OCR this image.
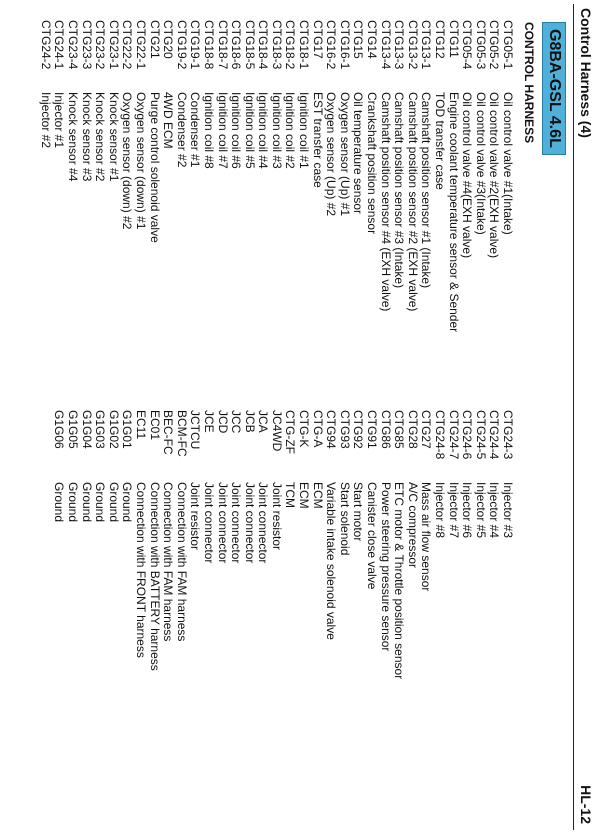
Control Harness (4)
HL-12
G8BA-GSL 4.6L
CONTROL HARNESS
CTG05-1
Oil control valve #1(Intake)
CTG05-2
Oil control valve #2(EXH valve)
CTG05-3
Oil control valve #3(Intake)
CTG05-4
Oil control valve #4(EXH valve)
CTG11
Engine coolant temperature sensor & Sender
CTG12
TOD transfer case
CTG13-1
Camshaft position sensor #1 (Intake)
CTG13-2
Camshaft position sensor #2 (EXH valve)
CTG13-3
Camshaft position sensor #3 (Intake)
CTG13-4
Camshaft position sensor #4 (EXH valve)
CTG14
Crankshaft position sensor
CTG15
Oil temperature sensor
CTG16-1
Oxygen sensor (Up) #1
CTG16-2
Oxygen sensor (Up) #2
CTG17
EST transfer case
CTG18-1
Ignition coil #1
CTG18-2
Ignition coil #2
CTG18-3
Ignition coil #3
CTG18-4
Ignition coil #4
CTG18-5
Ignition coil #5
CTG18-6
Ignition coil #6
CTG18-7
Ignition coil #7
CTG18-8
Ignition coil #8
CTG19-1
Condenser #1
CTG19-2
Condenser #2
CTG20
4WD ECM
CTG21
Purge control solenoid valve
CTG22-1
Oxygen sensor (down) #1
CTG22-2
Oxygen sensor (down) #2
CTG23-1
Knock sensor #1
CTG23-2
Knock sensor #2
CTG23-3
Knock sensor #3
CTG23-4
Knock sensor #4
CTG24-1
Injector #1
CTG24-2
Injector #2
CTG24-3
Injector #3
CTG24-4
Injector #4
CTG24-5
Injector #5
CTG24-6
Injector #6
CTG24-7
Injector #7
CTG24-8
Injector #8
CTG27
Mass air flow sensor
CTG28
A/C compressor
CTG85
ETC motor & Throttle position sensor
CTG86
Power steering pressure sensor
CTG91
Canister close valve
CTG92
Start motor
CTG93
Start solenoid
CTG94
Variable intake solenoid valve
CTG-A
ECM
CTG-K
ECM
CTG-ZF
TCM
JC4WD
Joint resistor
JCA
Joint connector
JCB
Joint connector
JCC
Joint connector
JCD
Joint connector
JCE
Joint connector
JCTCU
Joint resistor
BCM-FC
Connection with FAM harness
BEC-FC
Connection with FAM harness
EC01
Connection with BATTERY harness
EC11
Connection with FRONT harness
G1G01
Ground
G1G02
Ground
G1G03
Ground
G1G04
Ground
G1G05
Ground
G1G06
Ground
